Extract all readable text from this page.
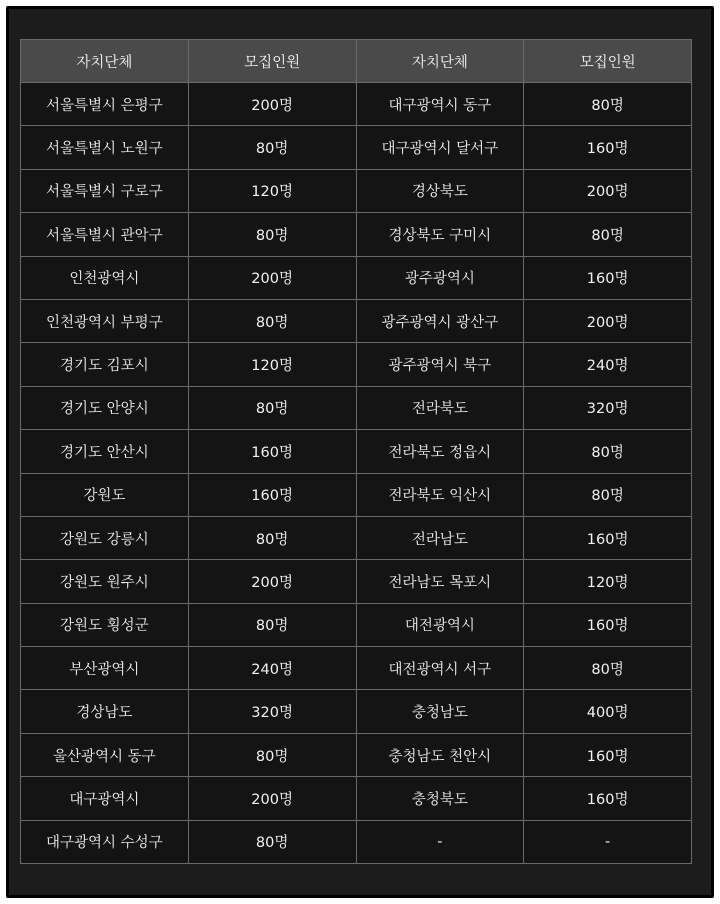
자치단체	모집인원	자치단체	모집인원
서울특별시 은평구	200명	대구광역시 동구	80명
서울특별시 노원구	80명	대구광역시 달서구	160명
서울특별시 구로구	120명	경상북도	200명
서울특별시 관악구	80명	경상북도 구미시	80명
인천광역시	200명	광주광역시	160명
인천광역시 부평구	80명	광주광역시 광산구	200명
경기도 김포시	120명	광주광역시 북구	240명
경기도 안양시	80명	전라북도	320명
경기도 안산시	160명	전라북도 정읍시	80명
강원도	160명	전라북도 익산시	80명
강원도 강릉시	80명	전라남도	160명
강원도 원주시	200명	전라남도 목포시	120명
강원도 횡성군	80명	대전광역시	160명
부산광역시	240명	대전광역시 서구	80명
경상남도	320명	충청남도	400명
울산광역시 동구	80명	충청남도 천안시	160명
대구광역시	200명	충청북도	160명
대구광역시 수성구	80명	-	-
